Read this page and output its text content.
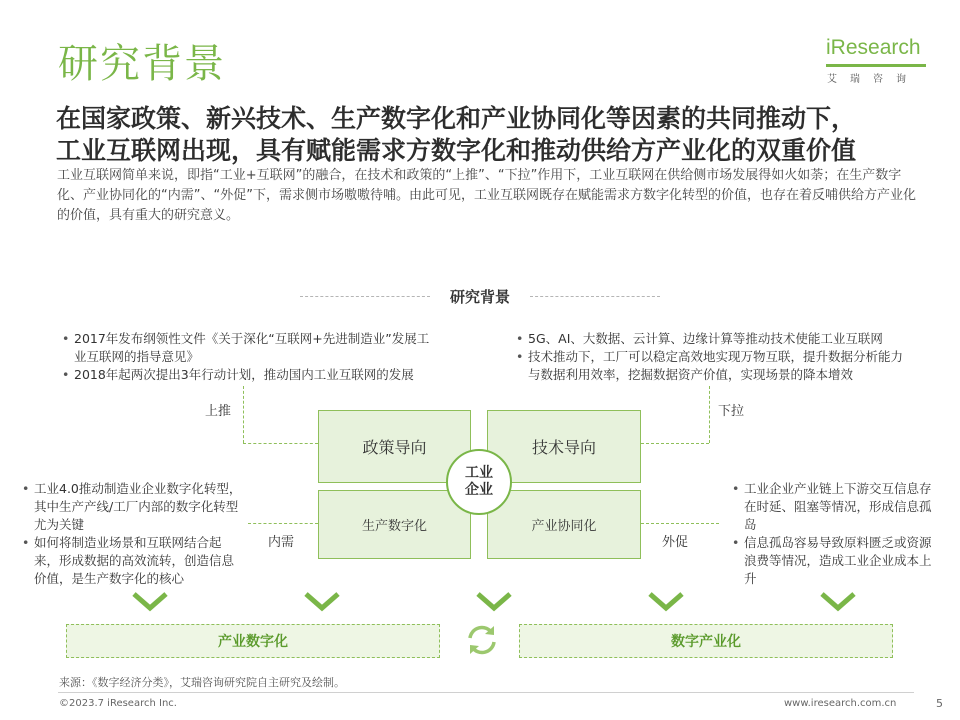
研究背景	iResearch
艾瑞咨询
在国家政策、新兴技术、生产数字化和产业协同化等因素的共同推动下，
工业互联网出现，具有赋能需求方数字化和推动供给方产业化的双重价值
工业互联网简单来说，即指“工业+互联网”的融合，在技术和政策的“上推”、“下拉”作用下，工业互联网在供给侧市场发展得如火如荼；在生产数字化、产业协同化的“内需”、“外促”下，需求侧市场嗷嗷待哺。由此可见，工业互联网既存在赋能需求方数字化转型的价值，也存在着反哺供给方产业化的价值，具有重大的研究意义。
研究背景
• 2017年发布纲领性文件《关于深化“互联网+先进制造业”发展工业互联网的指导意见》
• 2018年起两次提出3年行动计划，推动国内工业互联网的发展
• 5G、AI、大数据、云计算、边缘计算等推动技术使能工业互联网
• 技术推动下，工厂可以稳定高效地实现万物互联，提升数据分析能力与数据利用效率，挖掘数据资产价值，实现场景的降本增效
• 工业4.0推动制造业企业数字化转型，其中生产产线/工厂内部的数字化转型尤为关键
• 如何将制造业场景和互联网结合起来，形成数据的高效流转，创造信息价值，是生产数字化的核心
• 工业企业产业链上下游交互信息存在时延、阻塞等情况，形成信息孤岛
• 信息孤岛容易导致原料匮乏或资源浪费等情况，造成工业企业成本上升
上推	下拉
内需	外促
政策导向	技术导向
生产数字化	产业协同化
工业
企业
产业数字化	数字产业化
来源：《数字经济分类》，艾瑞咨询研究院自主研究及绘制。
©2023.7 iResearch Inc.	www.iresearch.com.cn	5
